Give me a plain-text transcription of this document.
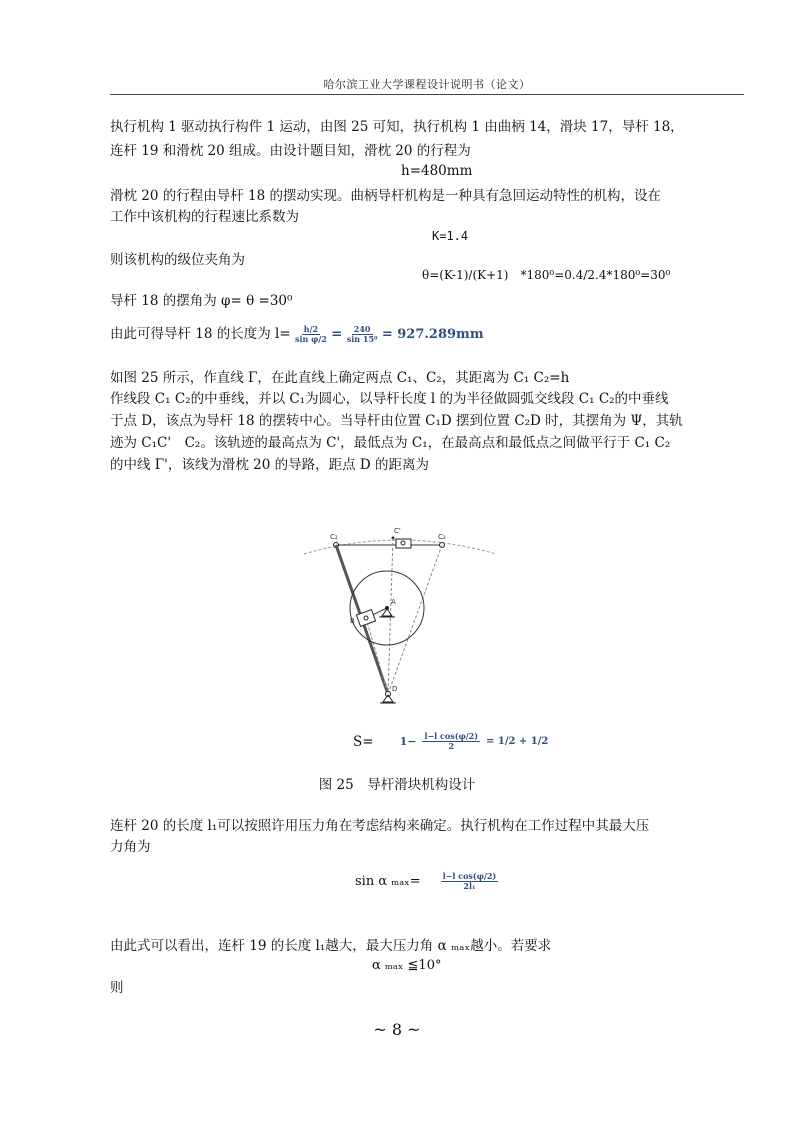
哈尔滨工业大学课程设计说明书（论文）
执行机构 1 驱动执行构件 1 运动，由图 25 可知，执行机构 1 由曲柄 14，滑块 17，导杆 18，
连杆 19 和滑枕 20 组成。由设计题目知，滑枕 20 的行程为
h=480mm
滑枕 20 的行程由导杆 18 的摆动实现。曲柄导杆机构是一种具有急回运动特性的机构，设在
工作中该机构的行程速比系数为
K=1.4
则该机构的级位夹角为
θ=(K-1)/(K+1)　*180⁰=0.4/2.4*180⁰=30⁰
导杆 18 的摆角为 φ= θ =30⁰
由此可得导杆 18 的长度为 $l= \frac{h/2}{\text{sin φ/2}} = \frac{240}{\text{sin 15⁰}} = 927.289mm$
如图 25 所示，作直线 Γ，在此直线上确定两点 C₁、C₂，其距离为 C₁ C₂=h
作线段 C₁ C₂的中垂线，并以 C₁为圆心，以导杆长度 l 的为半径做圆弧交线段 C₁ C₂的中垂线
于点 D，该点为导杆 18 的摆转中心。当导杆由位置 C₁D 摆到位置 C₂D 时，其摆角为 Ψ，其轨
迹为 C₁C'　C₂。该轨迹的最高点为 C'，最低点为 C₁，在最高点和最低点之间做平行于 C₁ C₂
的中线 Γ'，该线为滑枕 20 的导路，距点 D 的距离为
C₂
C'
C₂
A
B
D
$S= 1- \frac{\text{l−l cos(φ/2)}}{2} = 1/2 + 1/2$
图 25　导杆滑块机构设计
连杆 20 的长度 l₁可以按照许用压力角在考虑结构来确定。执行机构在工作过程中其最大压
力角为
sin α ₘₐₓ=	$\frac{\text{l−l cos(φ/2)}}{\text{2l₁}}$
由此式可以看出，连杆 19 的长度 l₁越大，最大压力角 α ₘₐₓ越小。若要求
α ₘₐₓ ≦10°
则
~ 8 ~
